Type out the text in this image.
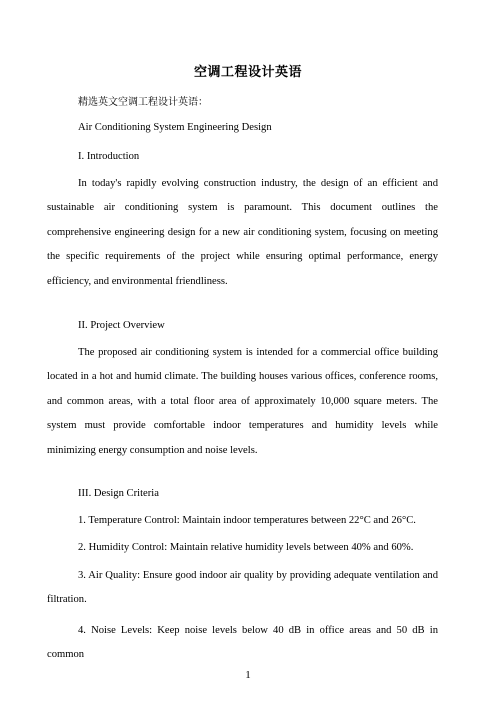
空调工程设计英语

精选英文空调工程设计英语：

Air Conditioning System Engineering Design

I. Introduction

In today's rapidly evolving construction industry, the design of an efficient and sustainable air conditioning system is paramount. This document outlines the comprehensive engineering design for a new air conditioning system, focusing on meeting the specific requirements of the project while ensuring optimal performance, energy efficiency, and environmental friendliness.

II. Project Overview

The proposed air conditioning system is intended for a commercial office building located in a hot and humid climate. The building houses various offices, conference rooms, and common areas, with a total floor area of approximately 10,000 square meters. The system must provide comfortable indoor temperatures and humidity levels while minimizing energy consumption and noise levels.

III. Design Criteria

1. Temperature Control: Maintain indoor temperatures between 22°C and 26°C.

2. Humidity Control: Maintain relative humidity levels between 40% and 60%.

3. Air Quality: Ensure good indoor air quality by providing adequate ventilation and filtration.

4. Noise Levels: Keep noise levels below 40 dB in office areas and 50 dB in common

1
